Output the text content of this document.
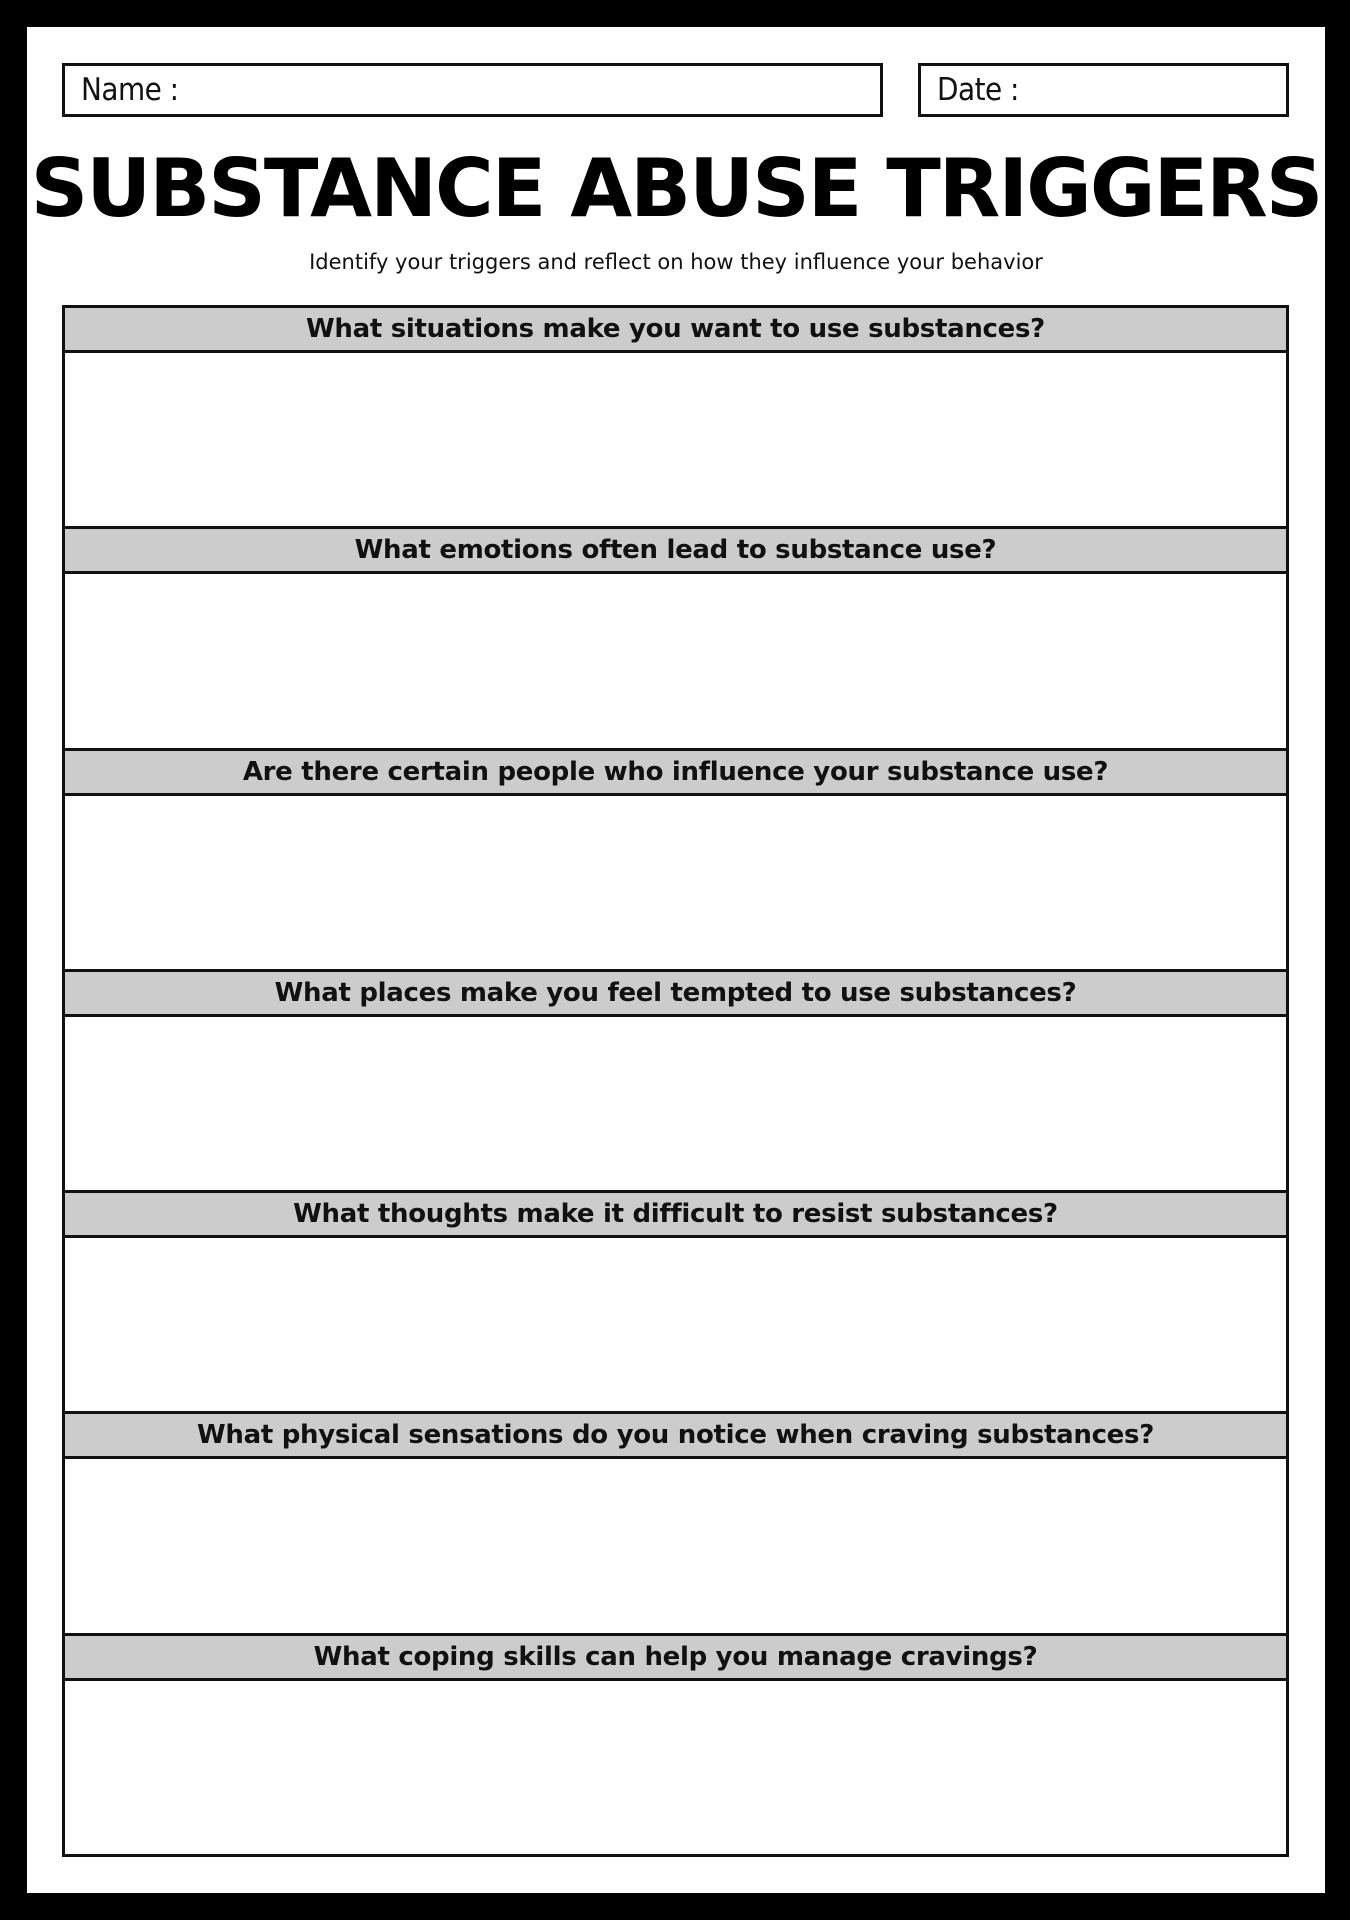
Name :	Date :
SUBSTANCE ABUSE TRIGGERS

Identify your triggers and reflect on how they influence your behavior

What situations make you want to use substances?
What emotions often lead to substance use?
Are there certain people who influence your substance use?
What places make you feel tempted to use substances?
What thoughts make it difficult to resist substances?
What physical sensations do you notice when craving substances?
What coping skills can help you manage cravings?
